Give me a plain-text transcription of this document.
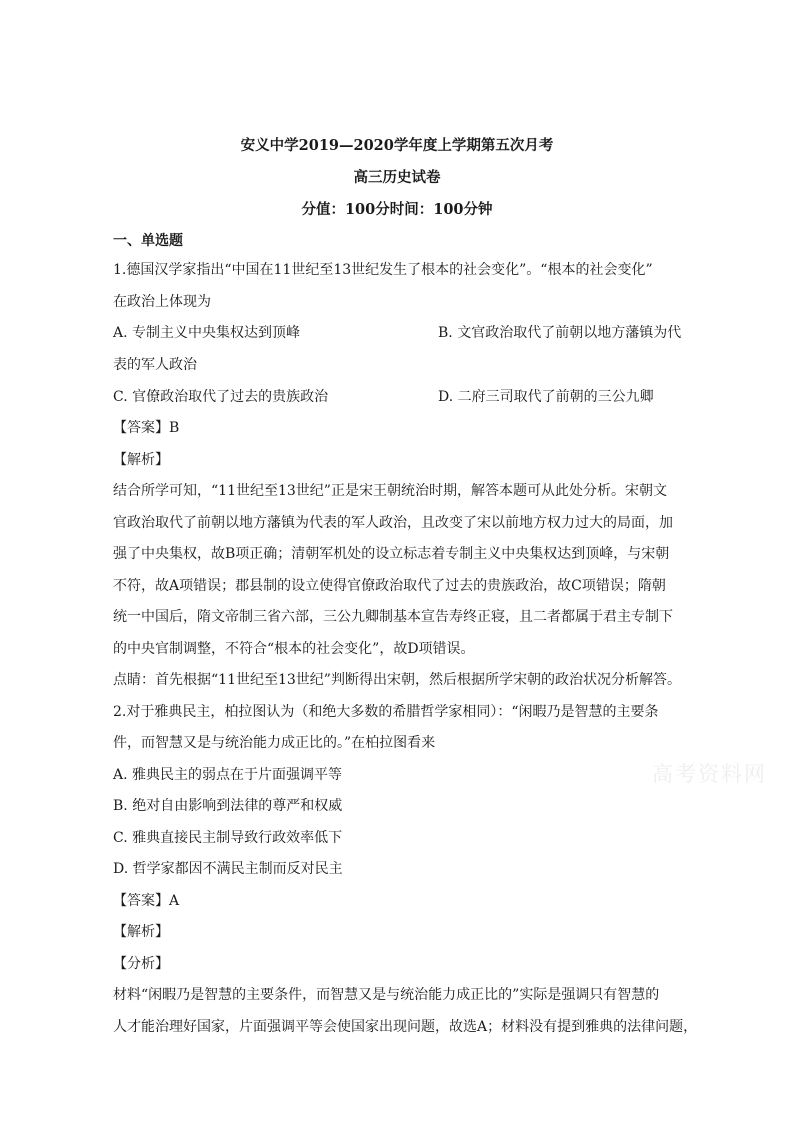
安义中学2019—2020学年度上学期第五次月考
高三历史试卷
分值：100分时间：100分钟
一、单选题
1.德国汉学家指出“中国在11世纪至13世纪发生了根本的社会变化”。“根本的社会变化”
在政治上体现为
A. 专制主义中央集权达到顶峰	B. 文官政治取代了前朝以地方藩镇为代
表的军人政治
C. 官僚政治取代了过去的贵族政治	D. 二府三司取代了前朝的三公九卿
【答案】B
【解析】
结合所学可知，“11世纪至13世纪”正是宋王朝统治时期，解答本题可从此处分析。宋朝文
官政治取代了前朝以地方藩镇为代表的军人政治，且改变了宋以前地方权力过大的局面，加
强了中央集权，故B项正确；清朝军机处的设立标志着专制主义中央集权达到顶峰，与宋朝
不符，故A项错误；郡县制的设立使得官僚政治取代了过去的贵族政治，故C项错误；隋朝
统一中国后，隋文帝制三省六部，三公九卿制基本宣告寿终正寝，且二者都属于君主专制下
的中央官制调整，不符合“根本的社会变化”，故D项错误。
点睛：首先根据“11世纪至13世纪”判断得出宋朝，然后根据所学宋朝的政治状况分析解答。
2.对于雅典民主，柏拉图认为（和绝大多数的希腊哲学家相同）：“闲暇乃是智慧的主要条
件，而智慧又是与统治能力成正比的。”在柏拉图看来
A. 雅典民主的弱点在于片面强调平等
B. 绝对自由影响到法律的尊严和权威
C. 雅典直接民主制导致行政效率低下
D. 哲学家都因不满民主制而反对民主
【答案】A
【解析】
【分析】
材料“闲暇乃是智慧的主要条件，而智慧又是与统治能力成正比的”实际是强调只有智慧的
人才能治理好国家，片面强调平等会使国家出现问题，故选A；材料没有提到雅典的法律问题，
高考资料网
